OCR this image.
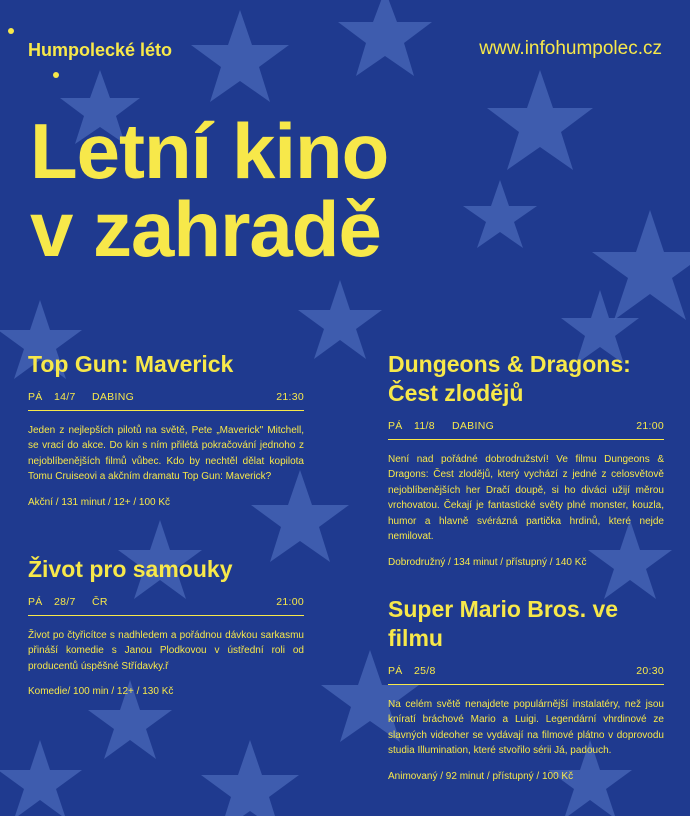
Humpolecké léto	www.infohumpolec.cz
Letní kino
v zahradě
Top Gun: Maverick
PÁ	14/7	DABING	21:30

Jeden z nejlepších pilotů na světě, Pete „Maverick" Mitchell, se vrací do akce. Do kin s ním přilétá pokračování jednoho z nejoblíbenějších filmů vůbec. Kdo by nechtěl dělat kopilota Tomu Cruiseovi a akčním dramatu Top Gun: Maverick?

Akční / 131 minut / 12+ / 100 Kč

Život pro samouky
PÁ	28/7	ČR	21:00

Život po čtyřicítce s nadhledem a pořádnou dávkou sarkasmu přináší komedie s Janou Plodkovou v ústřední roli od producentů úspěšné Střídavky.ř

Komedie/ 100 min / 12+ / 130 Kč

Dungeons & Dragons: Čest zlodějů
PÁ	11/8	DABING	21:00

Není nad pořádné dobrodružství! Ve filmu Dungeons & Dragons: Čest zlodějů, který vychází z jedné z celosvětově nejoblíbenějších her Dračí doupě, si ho diváci užijí měrou vrchovatou. Čekají je fantastické světy plné monster, kouzla, humor a hlavně svérázná partička hrdinů, které nejde nemilovat.

Dobrodružný / 134 minut / přístupný / 140 Kč

Super Mario Bros. ve filmu
PÁ	25/8	20:30

Na celém světě nenajdete populárnější instalatéry, než jsou kníratí bráchové Mario a Luigi. Legendární vhrdinové ze slavných videoher se vydávají na filmové plátno v doprovodu studia Illumination, které stvořilo sérii Já, padouch.

Animovaný / 92 minut / přístupný / 100 Kč
